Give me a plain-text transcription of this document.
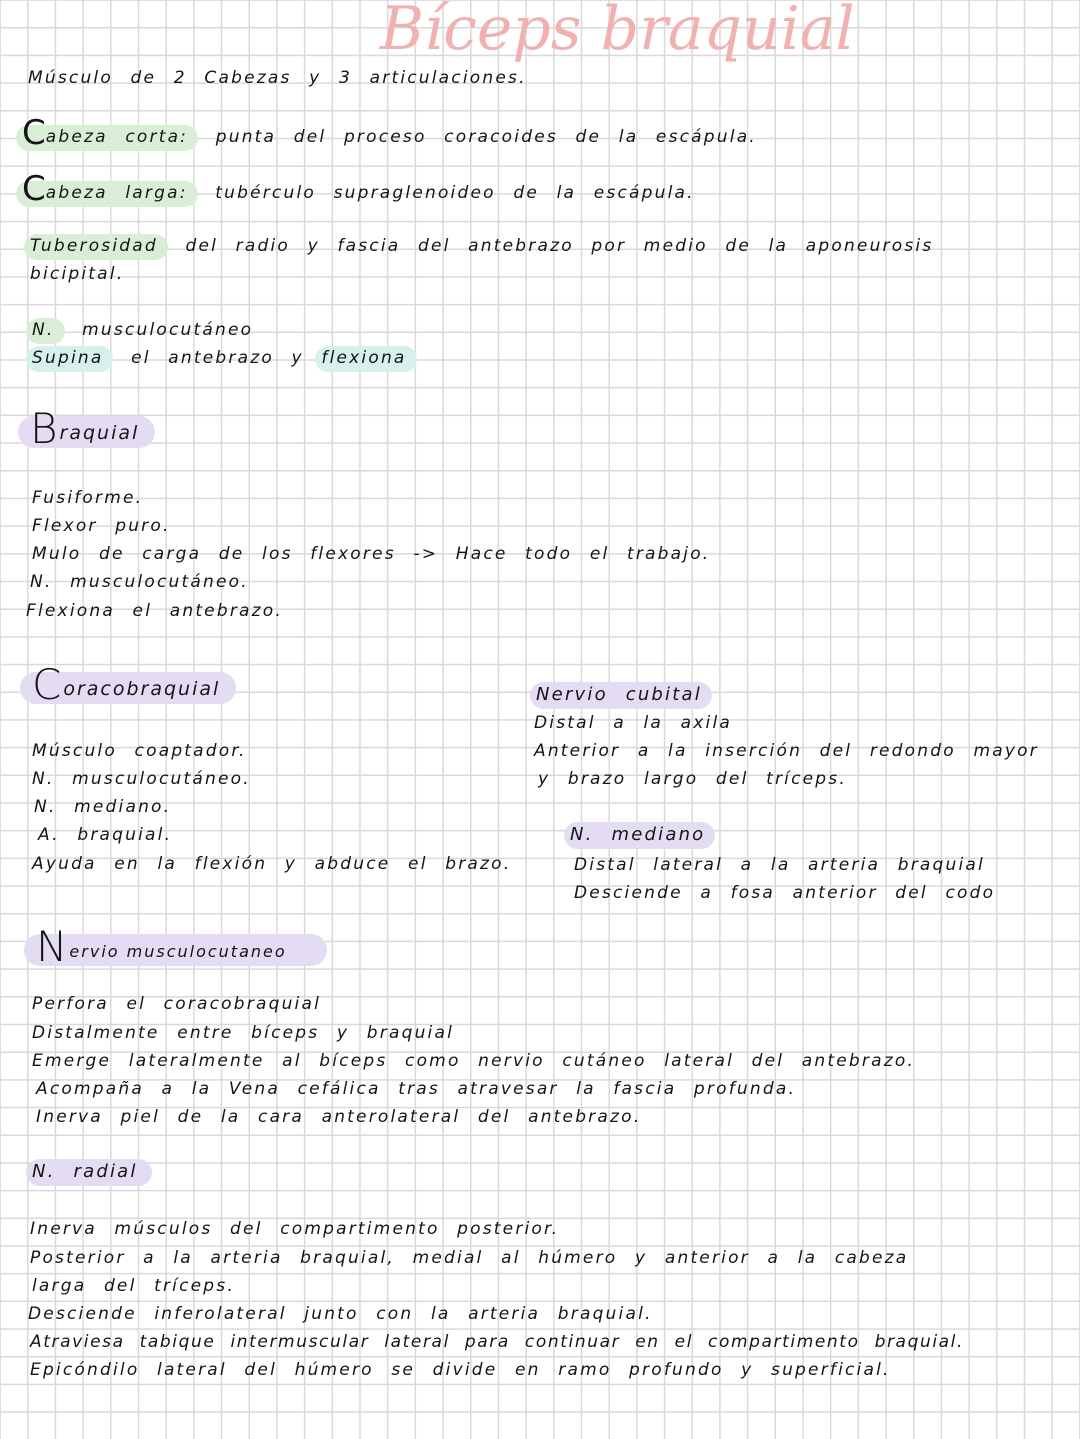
Bíceps braquial
Músculo de 2 Cabezas y 3 articulaciones.
Cabeza corta: punta del proceso coracoides de la escápula.
Cabeza larga: tubérculo supraglenoideo de la escápula.
Tuberosidad del radio y fascia del antebrazo por medio de la aponeurosis
bicipital.
N. musculocutáneo
Supina el antebrazo y flexiona
Braquial
Fusiforme.
Flexor puro.
Mulo de carga de los flexores -> Hace todo el trabajo.
N. musculocutáneo.
Flexiona el antebrazo.
Coracobraquial
Músculo coaptador.
N. musculocutáneo.
N. mediano.
A. braquial.
Ayuda en la flexión y abduce el brazo.
Nervio cubital
Distal a la axila
Anterior a la inserción del redondo mayor
y brazo largo del tríceps.
N. mediano
Distal lateral a la arteria braquial
Desciende a fosa anterior del codo
Nervio musculocutaneo
Perfora el coracobraquial
Distalmente entre bíceps y braquial
Emerge lateralmente al bíceps como nervio cutáneo lateral del antebrazo.
Acompaña a la Vena cefálica tras atravesar la fascia profunda.
Inerva piel de la cara anterolateral del antebrazo.
N. radial
Inerva músculos del compartimento posterior.
Posterior a la arteria braquial, medial al húmero y anterior a la cabeza
larga del tríceps.
Desciende inferolateral junto con la arteria braquial.
Atraviesa tabique intermuscular lateral para continuar en el compartimento braquial.
Epicóndilo lateral del húmero se divide en ramo profundo y superficial.
